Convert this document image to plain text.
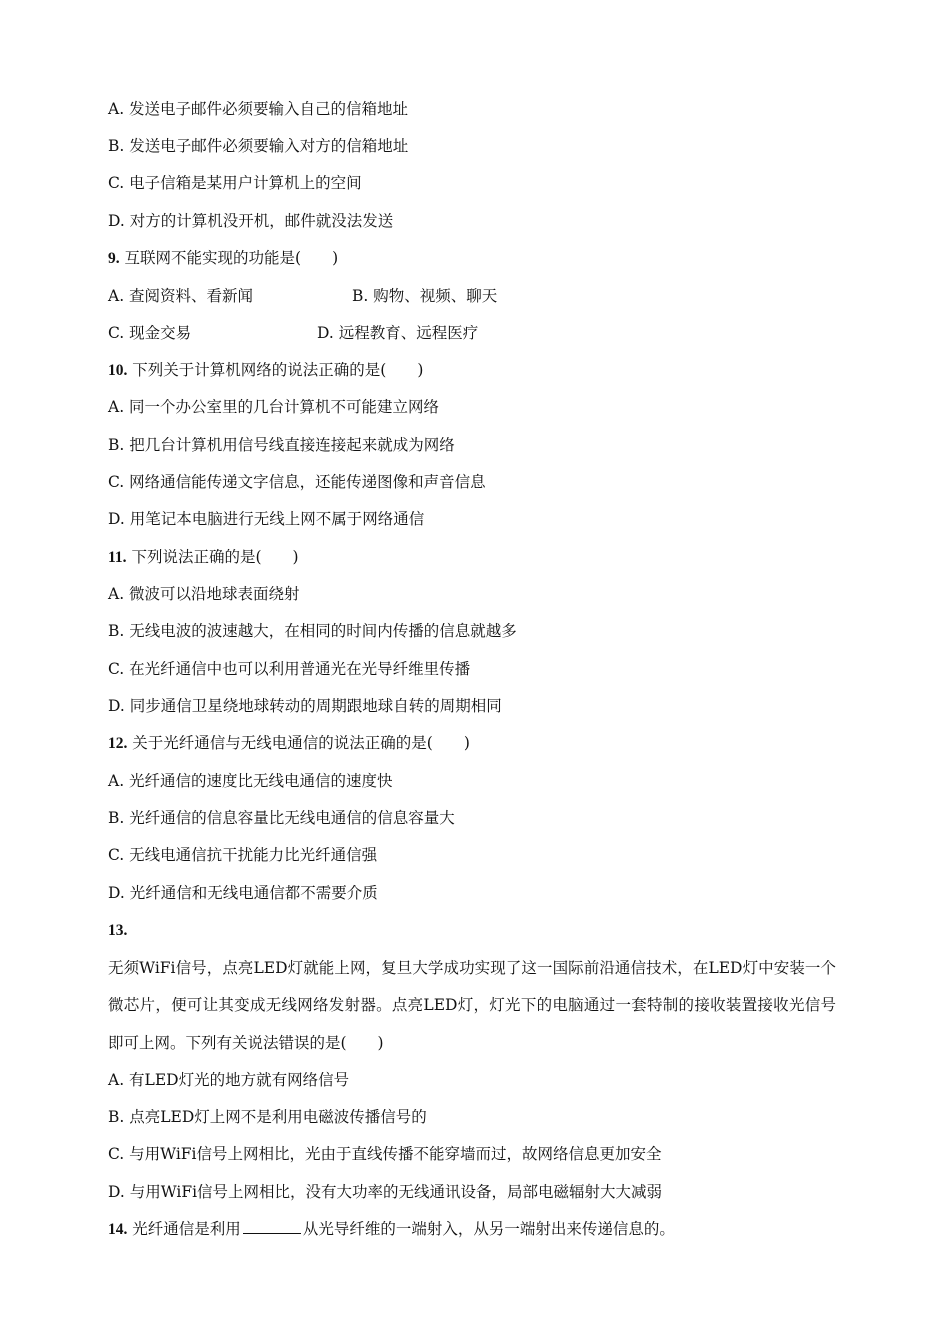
A. 发送电子邮件必须要输入自己的信箱地址
B. 发送电子邮件必须要输入对方的信箱地址
C. 电子信箱是某用户计算机上的空间
D. 对方的计算机没开机，邮件就没法发送
9. 互联网不能实现的功能是(　　)
A. 查阅资料、看新闻	B. 购物、视频、聊天
C. 现金交易	D. 远程教育、远程医疗
10. 下列关于计算机网络的说法正确的是(　　)
A. 同一个办公室里的几台计算机不可能建立网络
B. 把几台计算机用信号线直接连接起来就成为网络
C. 网络通信能传递文字信息，还能传递图像和声音信息
D. 用笔记本电脑进行无线上网不属于网络通信
11. 下列说法正确的是(　　)
A. 微波可以沿地球表面绕射
B. 无线电波的波速越大，在相同的时间内传播的信息就越多
C. 在光纤通信中也可以利用普通光在光导纤维里传播
D. 同步通信卫星绕地球转动的周期跟地球自转的周期相同
12. 关于光纤通信与无线电通信的说法正确的是(　　)
A. 光纤通信的速度比无线电通信的速度快
B. 光纤通信的信息容量比无线电通信的信息容量大
C. 无线电通信抗干扰能力比光纤通信强
D. 光纤通信和无线电通信都不需要介质
13.
无须WiFi信号，点亮LED灯就能上网，复旦大学成功实现了这一国际前沿通信技术，在LED灯中安装一个微芯片，便可让其变成无线网络发射器。点亮LED灯，灯光下的电脑通过一套特制的接收装置接收光信号即可上网。下列有关说法错误的是(　　)
A. 有LED灯光的地方就有网络信号
B. 点亮LED灯上网不是利用电磁波传播信号的
C. 与用WiFi信号上网相比，光由于直线传播不能穿墙而过，故网络信息更加安全
D. 与用WiFi信号上网相比，没有大功率的无线通讯设备，局部电磁辐射大大减弱
14. 光纤通信是利用	从光导纤维的一端射入，从另一端射出来传递信息的。
